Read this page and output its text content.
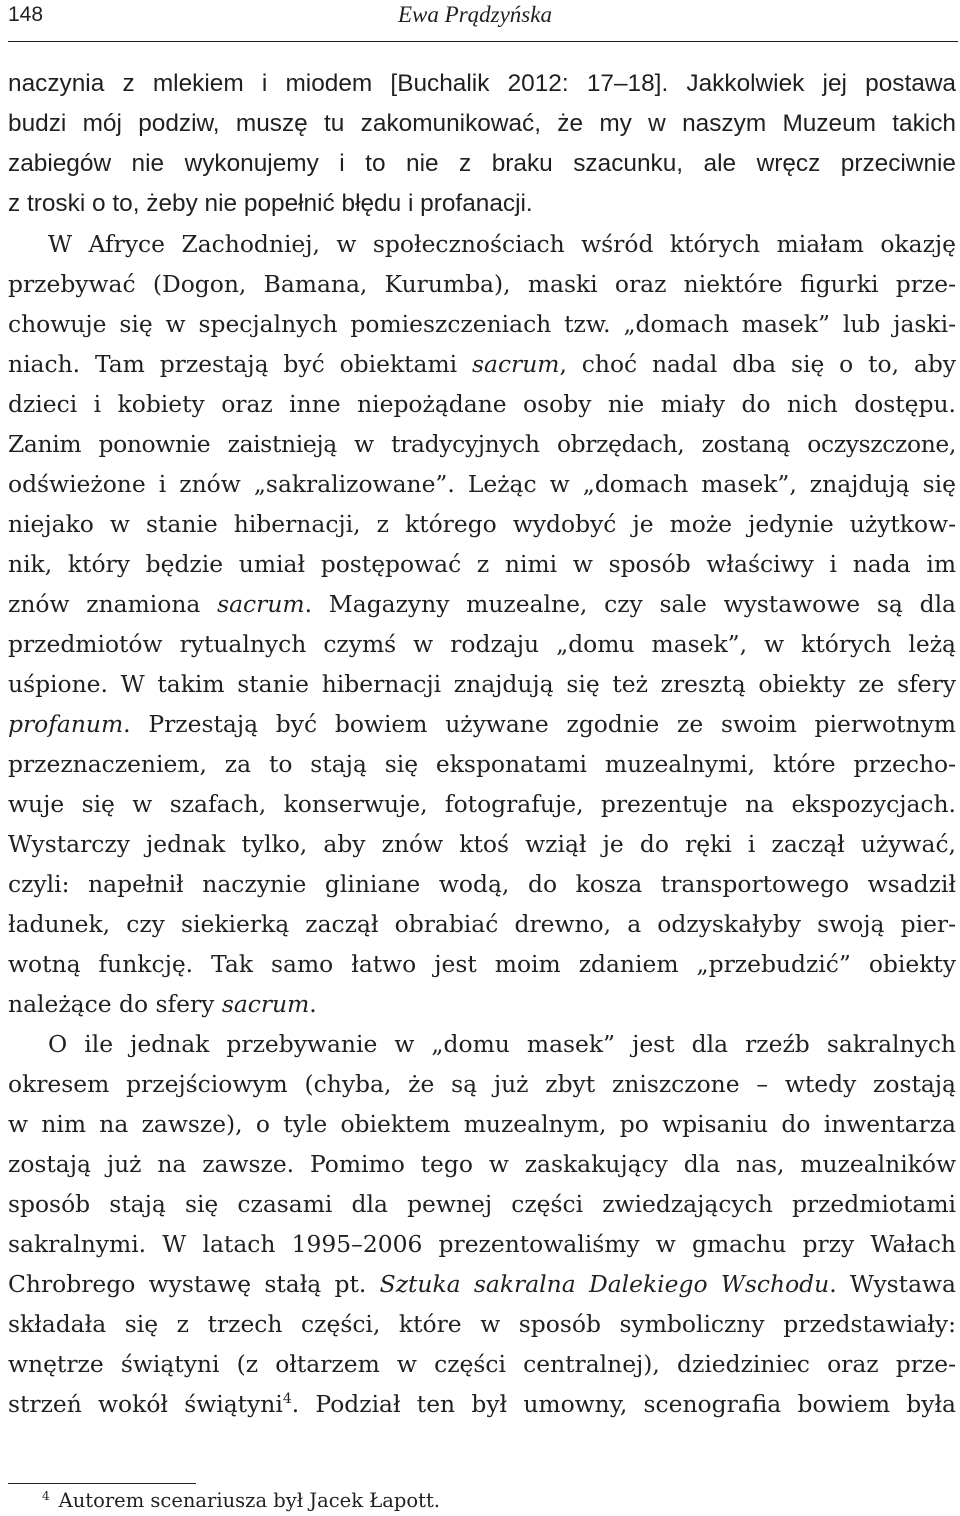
148	Ewa Prądzyńska
naczynia z mlekiem i miodem [Buchalik 2012: 17–18]. Jakkolwiek jej postawa
budzi mój podziw, muszę tu zakomunikować, że my w naszym Muzeum takich
zabiegów nie wykonujemy i to nie z braku szacunku, ale wręcz przeciwnie
z troski o to, żeby nie popełnić błędu i profanacji.
W Afryce Zachodniej, w społecznościach wśród których miałam okazję
przebywać (Dogon, Bamana, Kurumba), maski oraz niektóre figurki prze-
chowuje się w specjalnych pomieszczeniach tzw. „domach masek” lub jaski-
niach. Tam przestają być obiektami sacrum, choć nadal dba się o to, aby
dzieci i kobiety oraz inne niepożądane osoby nie miały do nich dostępu.
Zanim ponownie zaistnieją w tradycyjnych obrzędach, zostaną oczyszczone,
odświeżone i znów „sakralizowane”. Leżąc w „domach masek”, znajdują się
niejako w stanie hibernacji, z którego wydobyć je może jedynie użytkow-
nik, który będzie umiał postępować z nimi w sposób właściwy i nada im
znów znamiona sacrum. Magazyny muzealne, czy sale wystawowe są dla
przedmiotów rytualnych czymś w rodzaju „domu masek”, w których leżą
uśpione. W takim stanie hibernacji znajdują się też zresztą obiekty ze sfery
profanum. Przestają być bowiem używane zgodnie ze swoim pierwotnym
przeznaczeniem, za to stają się eksponatami muzealnymi, które przecho-
wuje się w szafach, konserwuje, fotografuje, prezentuje na ekspozycjach.
Wystarczy jednak tylko, aby znów ktoś wziął je do ręki i zaczął używać,
czyli: napełnił naczynie gliniane wodą, do kosza transportowego wsadził
ładunek, czy siekierką zaczął obrabiać drewno, a odzyskałyby swoją pier-
wotną funkcję. Tak samo łatwo jest moim zdaniem „przebudzić” obiekty
należące do sfery sacrum.
O ile jednak przebywanie w „domu masek” jest dla rzeźb sakralnych
okresem przejściowym (chyba, że są już zbyt zniszczone – wtedy zostają
w nim na zawsze), o tyle obiektem muzealnym, po wpisaniu do inwentarza
zostają już na zawsze. Pomimo tego w zaskakujący dla nas, muzealników
sposób stają się czasami dla pewnej części zwiedzających przedmiotami
sakralnymi. W latach 1995–2006 prezentowaliśmy w gmachu przy Wałach
Chrobrego wystawę stałą pt. Sztuka sakralna Dalekiego Wschodu. Wystawa
składała się z trzech części, które w sposób symboliczny przedstawiały:
wnętrze świątyni (z ołtarzem w części centralnej), dziedziniec oraz prze-
strzeń wokół świątyni$^4$. Podział ten był umowny, scenografia bowiem była
$^4$ Autorem scenariusza był Jacek Łapott.
